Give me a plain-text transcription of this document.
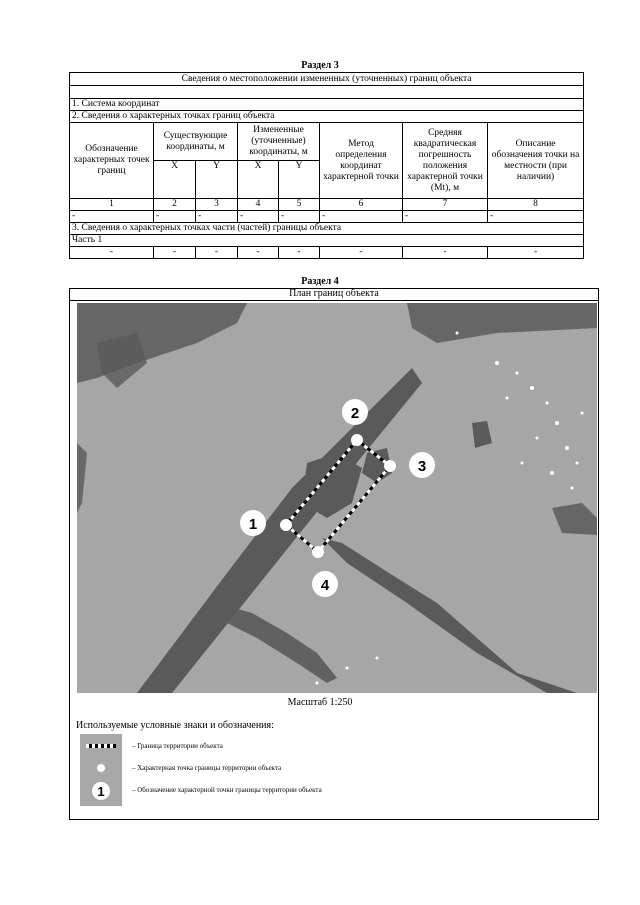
Раздел 3
Сведения о местоположении измененных (уточненных) границ объекта							

1. Система координат							
2. Сведения о характерных точках границ объекта							
Обозначение характерных точек границ	Существующие координаты, м		Измененные (уточненные) координаты, м		Метод определения координат характерной точки	Средняя квадратическая погрешность положения характерной точки (Мt), м	Описание обозначения точки на местности (при наличии)
	X	Y	X	Y			
1	2	3	4	5	6	7	8
-	-	-	-	-	-	-	-
3. Сведения о характерных точках части (частей) границы объекта							
Часть 1							
-	-	-	-	-	-	-	-
Раздел 4
План границ объекта
1
2
3
4
Масштаб 1:250
Используемые условные знаки и обозначения:
1
– Граница территории объекта
– Характерная точка границы территории объекта
– Обозначение характерной точки границы территории объекта
